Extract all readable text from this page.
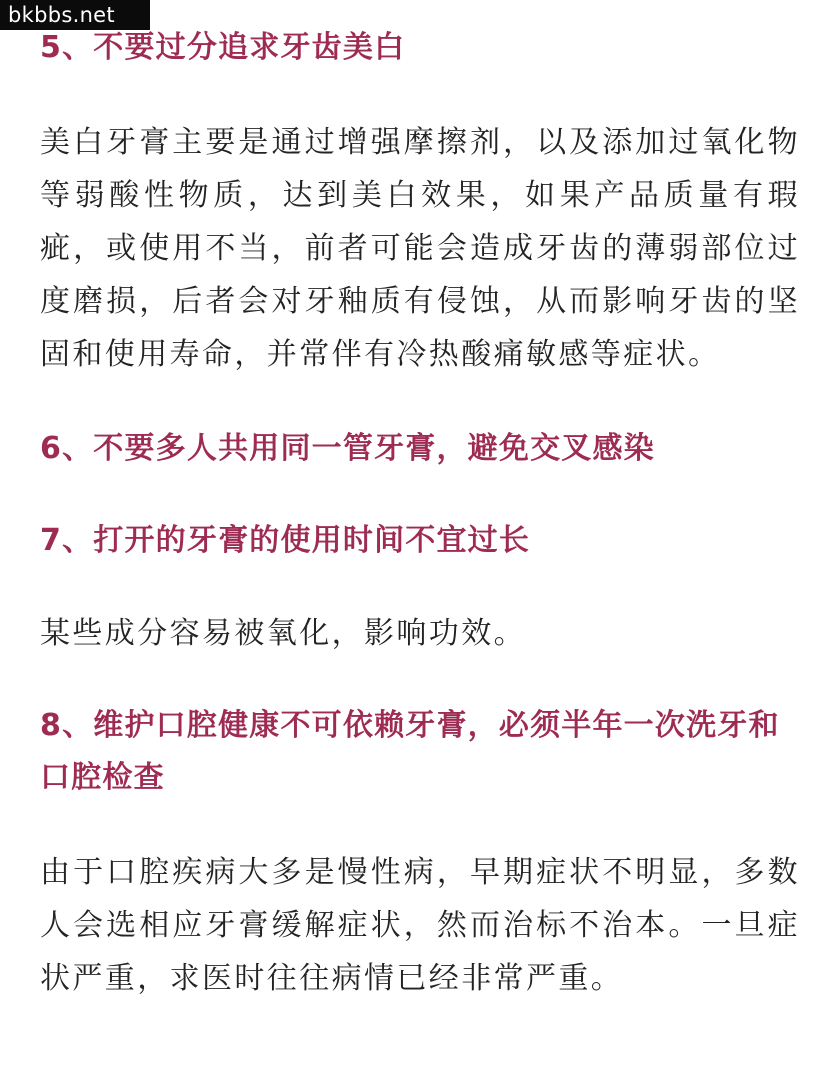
bkbbs.net
5、不要过分追求牙齿美白

美白牙膏主要是通过增强摩擦剂，以及添加过氧化物等弱酸性物质，达到美白效果，如果产品质量有瑕疵，或使用不当，前者可能会造成牙齿的薄弱部位过度磨损，后者会对牙釉质有侵蚀，从而影响牙齿的坚固和使用寿命，并常伴有冷热酸痛敏感等症状。

6、不要多人共用同一管牙膏，避免交叉感染
7、打开的牙膏的使用时间不宜过长

某些成分容易被氧化，影响功效。

8、维护口腔健康不可依赖牙膏，必须半年一次洗牙和口腔检查

由于口腔疾病大多是慢性病，早期症状不明显，多数人会选相应牙膏缓解症状，然而治标不治本。一旦症状严重，求医时往往病情已经非常严重。
